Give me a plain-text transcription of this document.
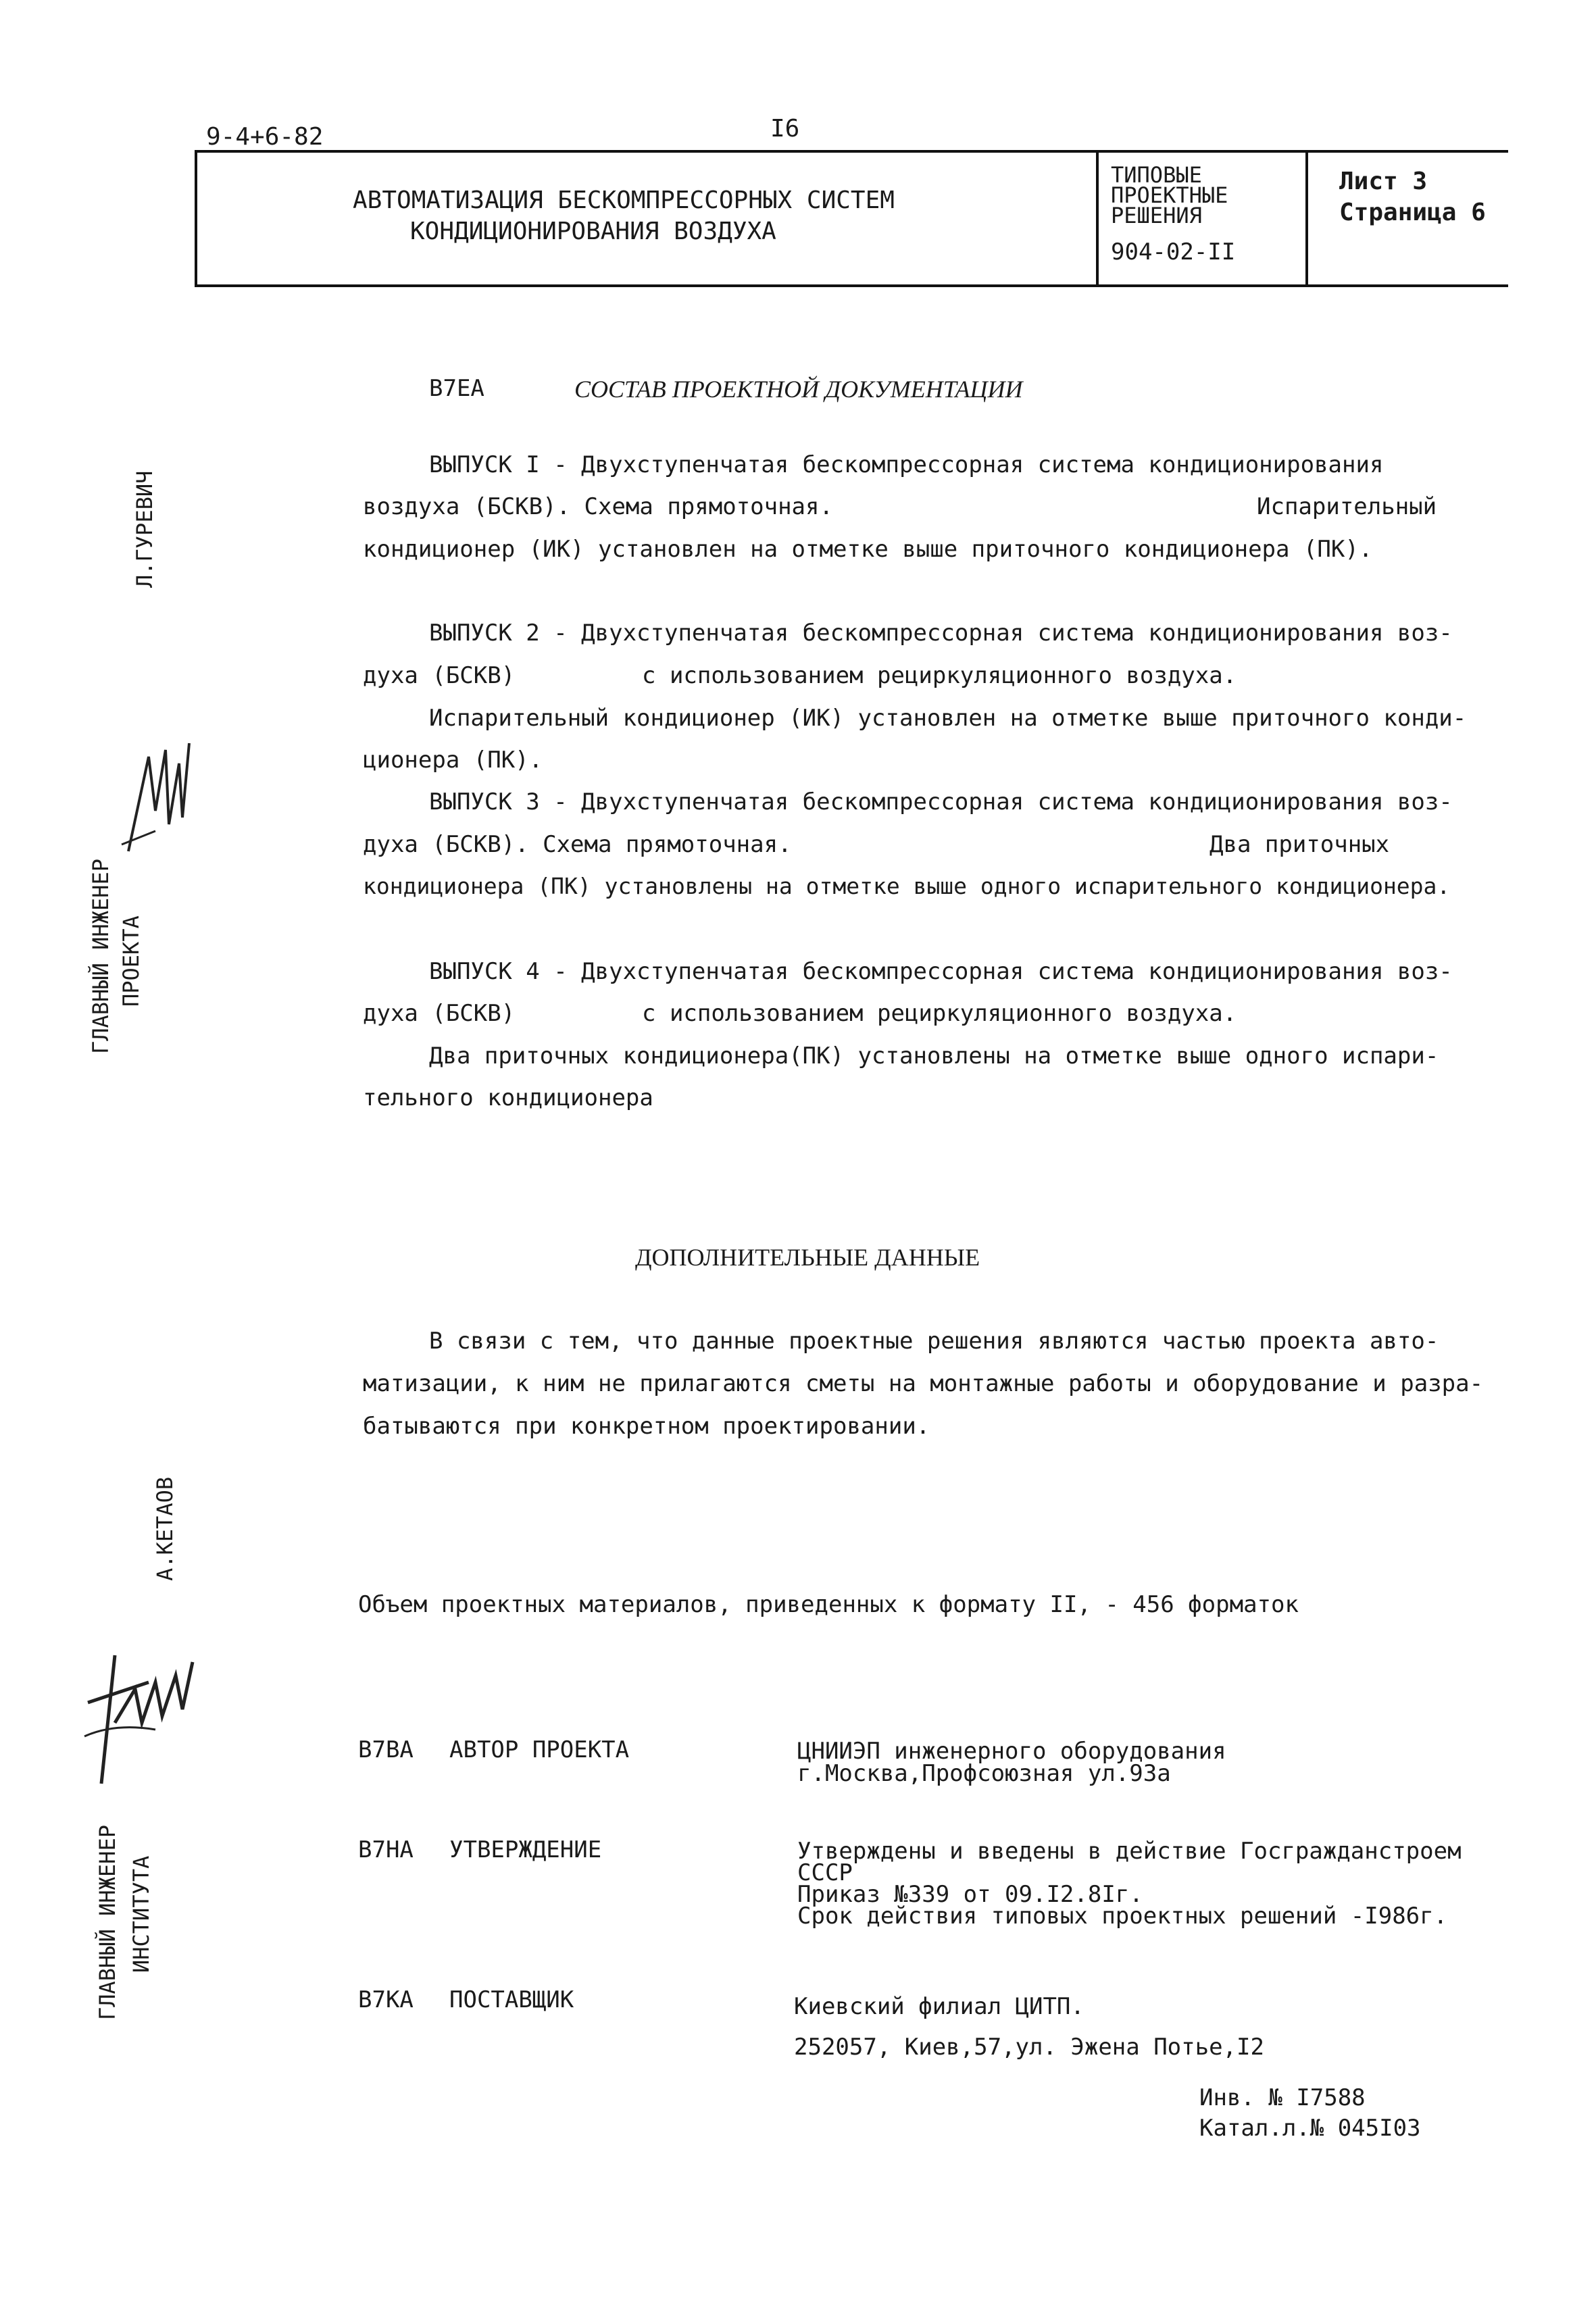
9-4+6-82	I6
АВТОМАТИЗАЦИЯ БЕСКОМПРЕССОРНЫХ СИСТЕМ
КОНДИЦИОНИРОВАНИЯ ВОЗДУХА
ТИПОВЫЕ
ПРОЕКТНЫЕ
РЕШЕНИЯ
904-02-II
Лист 3
Страница 6
Л.ГУРЕВИЧ
ГЛАВНЫЙ ИНЖЕНЕР ПРОЕКТА
А.КЕТАОВ
ГЛАВНЫЙ ИНЖЕНЕР ИНСТИТУТА
В7ЕА	СОСТАВ ПРОЕКТНОЙ ДОКУМЕНТАЦИИ
ВЫПУСК I - Двухступенчатая бескомпрессорная система кондиционирования
воздуха (БСКВ). Схема прямоточная.	Испарительный
кондиционер (ИК) установлен на отметке выше приточного кондиционера (ПК).
ВЫПУСК 2 - Двухступенчатая бескомпрессорная система кондиционирования воз-
духа (БСКВ)	с использованием рециркуляционного воздуха.
Испарительный кондиционер (ИК) установлен на отметке выше приточного конди-
ционера (ПК).
ВЫПУСК 3 - Двухступенчатая бескомпрессорная система кондиционирования воз-
духа (БСКВ). Схема прямоточная.	Два приточных
кондиционера (ПК) установлены на отметке выше одного испарительного кондиционера.
ВЫПУСК 4 - Двухступенчатая бескомпрессорная система кондиционирования воз-
духа (БСКВ)	с использованием рециркуляционного воздуха.
Два приточных кондиционера(ПК) установлены на отметке выше одного испари-
тельного кондиционера
ДОПОЛНИТЕЛЬНЫЕ ДАННЫЕ
В связи с тем, что данные проектные решения являются частью проекта авто-
матизации, к ним не прилагаются сметы на монтажные работы и оборудование и разра-
батываются при конкретном проектировании.
Объем проектных материалов, приведенных к формату II, - 456 форматок
В7ВА АВТОР ПРОЕКТА	ЦНИИЭП инженерного оборудования
г.Москва,Профсоюзная ул.93а
В7НА УТВЕРЖДЕНИЕ	Утверждены и введены в действие Госгражданстроем
СССР
Приказ №339 от 09.I2.8Iг.
Срок действия типовых проектных решений -I986г.
В7КА ПОСТАВЩИК	Киевский филиал ЦИТП.
252057, Киев,57,ул. Эжена Потье,I2
Инв. № I7588
Катал.л.№ 045I03
